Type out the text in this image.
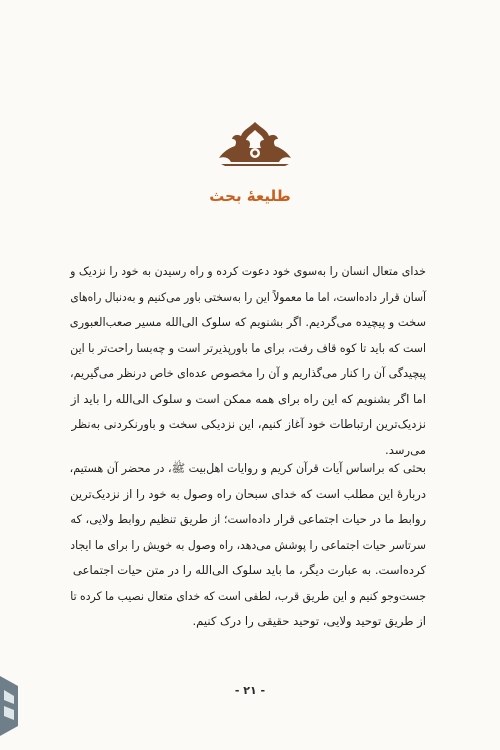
طلیعهٔ بحث
خدای متعال انسان را به‌سوی خود دعوت کرده و راه رسیدن به خود را نزدیک و
آسان قرار داده‌است، اما ما معمولاً این را به‌سختی باور می‌کنیم و به‌دنبال راه‌های
سخت و پیچیده می‌گردیم. اگر بشنویم که سلوک الی‌الله مسیر صعب‌العبوری
است که باید تا کوه قاف رفت، برای ما باورپذیرتر است و چه‌بسا راحت‌تر با این
پیچیدگی آن را کنار می‌گذاریم و آن را مخصوص عده‌ای خاص درنظر می‌گیریم،
اما اگر بشنویم که این راه برای همه ممکن است و سلوک الی‌الله را باید از
نزدیک‌ترین ارتباطات خود آغاز کنیم، این نزدیکی سخت و باورنکردنی به‌نظر
می‌رسد.
بحثی که براساس آیات قرآن کریم و روایات اهل‌بیت ﷺ، در محضر آن هستیم،
دربارهٔ این مطلب است که خدای سبحان راه وصول به خود را از نزدیک‌ترین
روابط ما در حیات اجتماعی قرار داده‌است؛ از طریق تنظیم روابط ولایی، که
سرتاسر حیات اجتماعی را پوشش می‌دهد، راه وصول به خویش را برای ما ایجاد
کرده‌است. به عبارت دیگر، ما باید سلوک الی‌الله را در متن حیات اجتماعی
جست‌وجو کنیم و این طریق قرب، لطفی است که خدای متعال نصیب ما کرده تا
از طریق توحید ولایی، توحید حقیقی را درک کنیم.
- ۲۱ -
